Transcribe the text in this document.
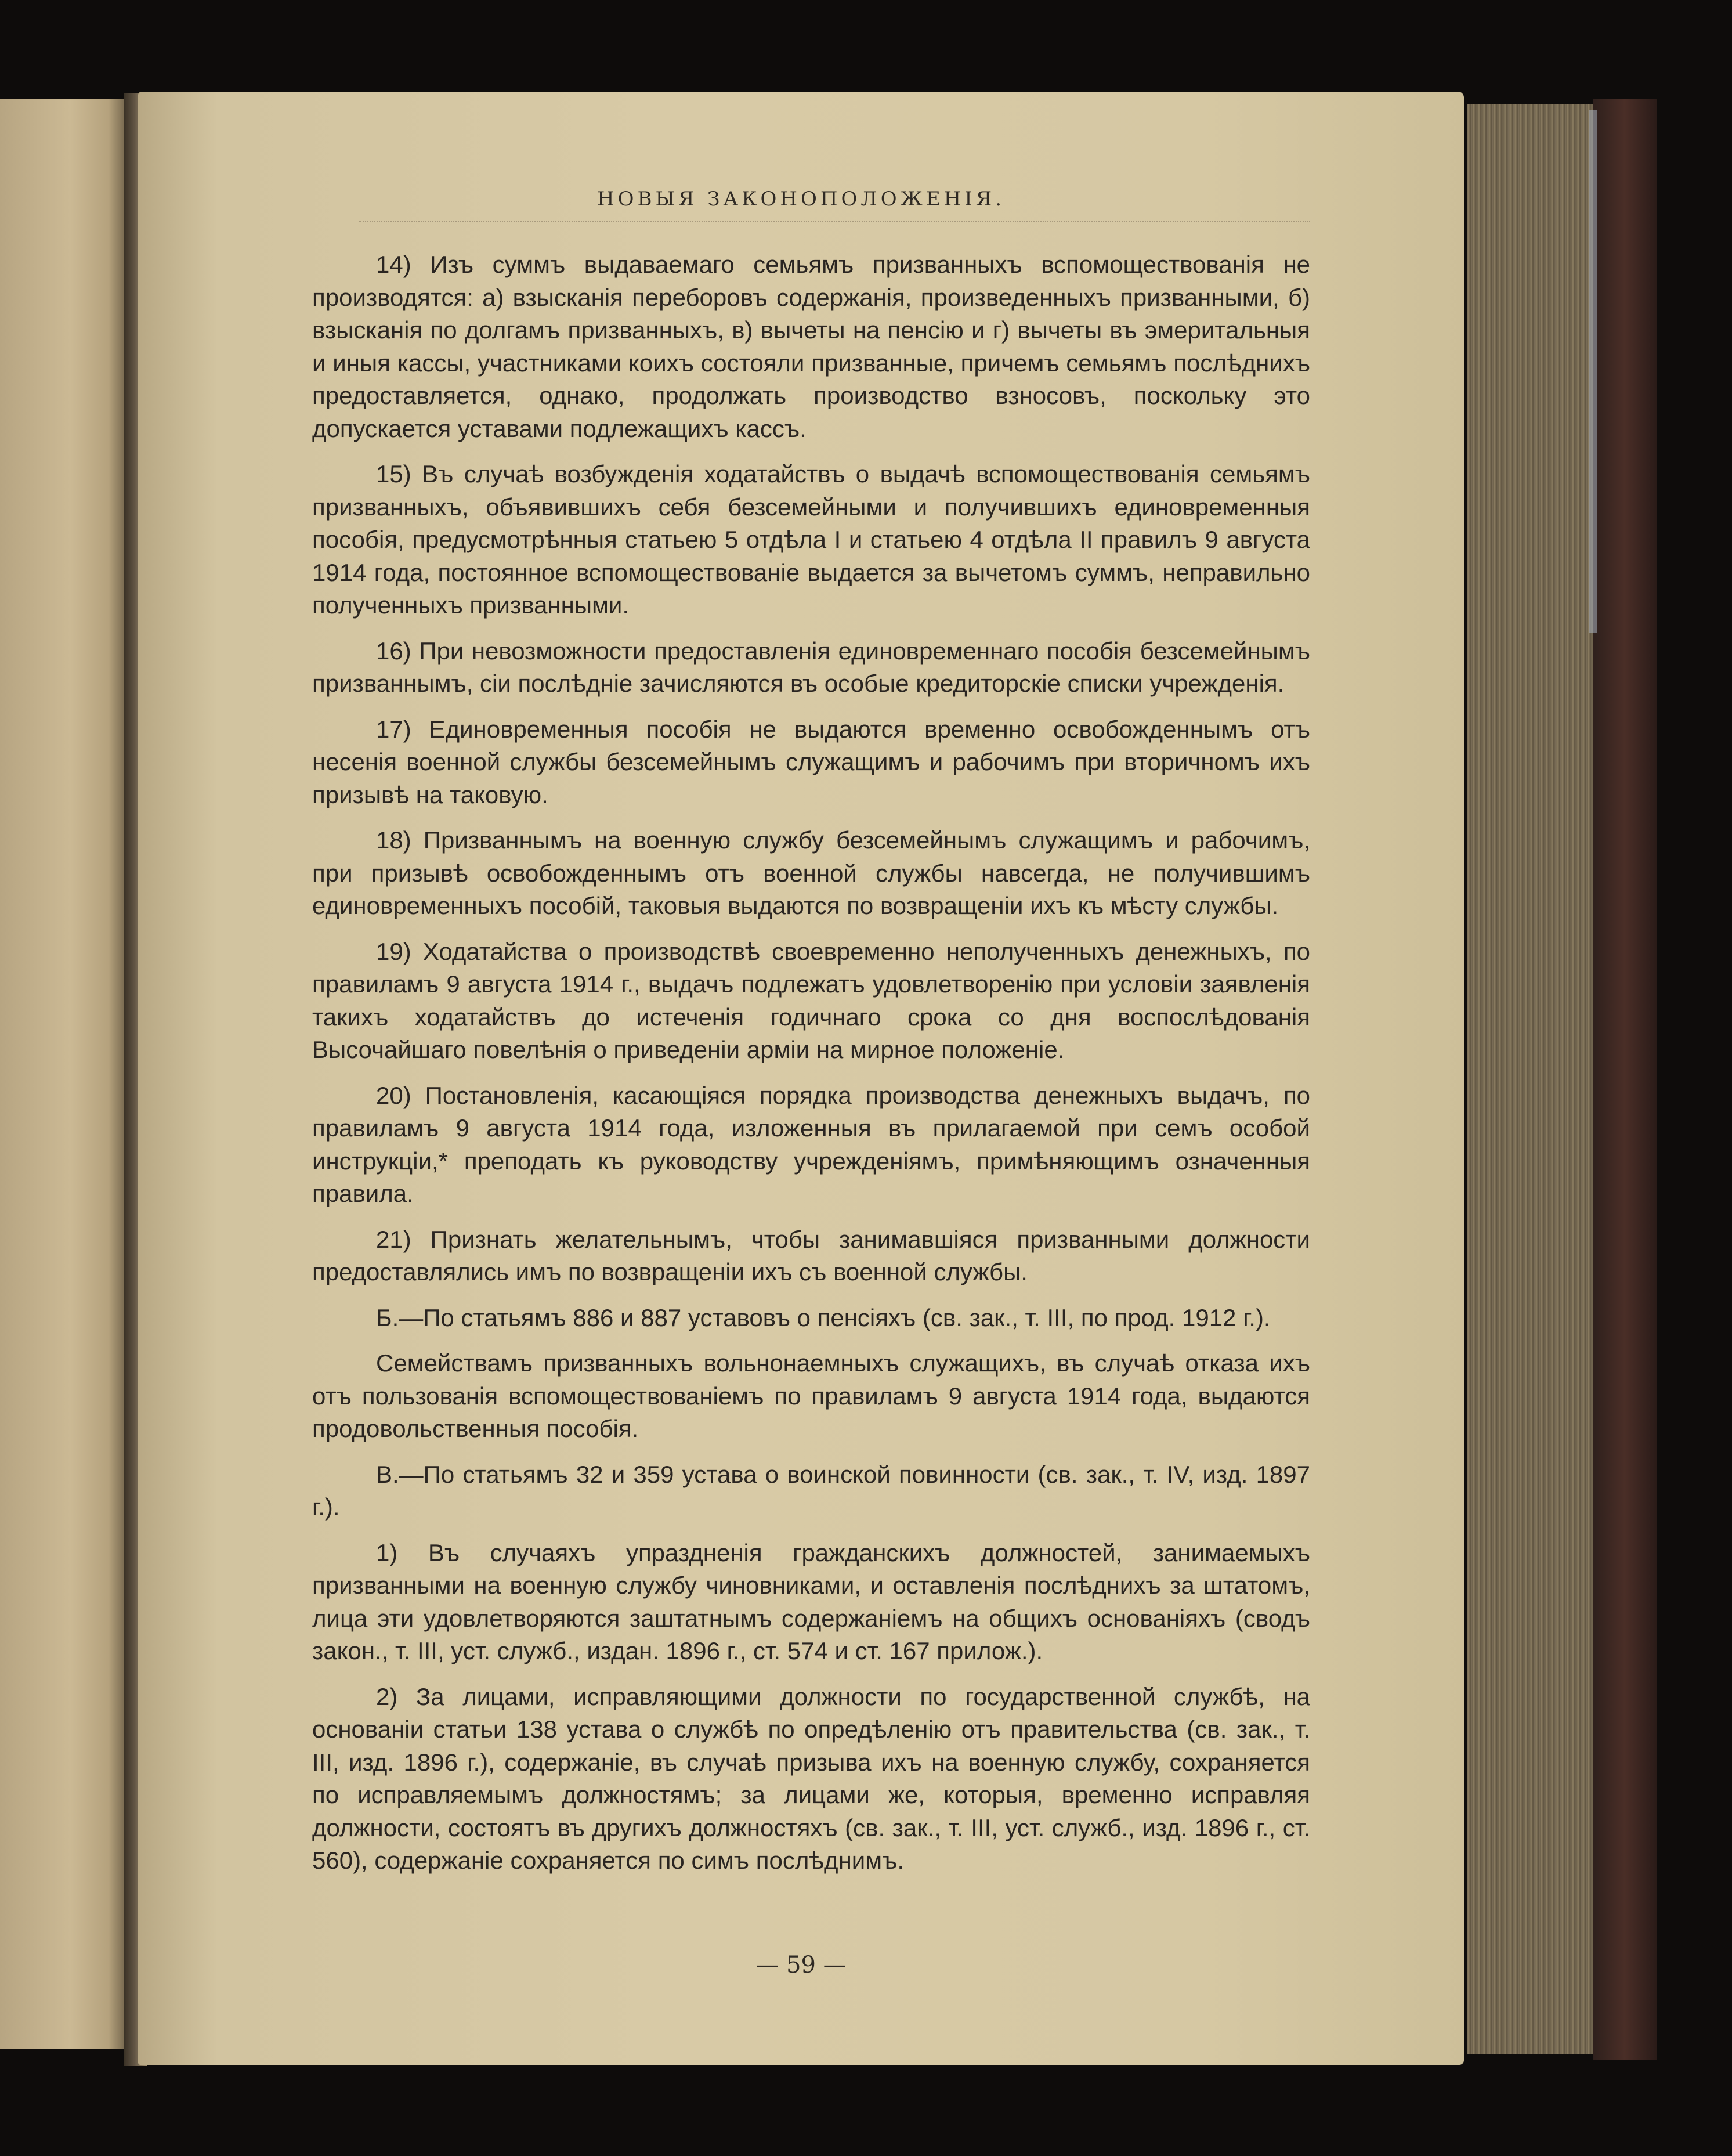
НОВЫЯ ЗАКОНОПОЛОЖЕНІЯ.

14) Изъ суммъ выдаваемаго семьямъ призванныхъ вспомоществованія не производятся: а) взысканія переборовъ содержанія, произведенныхъ призванными, б) взысканія по долгамъ призванныхъ, в) вычеты на пенсію и г) вычеты въ эмеритальныя и иныя кассы, участниками коихъ состояли призванные, причемъ семьямъ послѣднихъ предоставляется, однако, продолжать производство взносовъ, поскольку это допускается уставами подлежащихъ кассъ.

15) Въ случаѣ возбужденія ходатайствъ о выдачѣ вспомоществованія семьямъ призванныхъ, объявившихъ себя безсемейными и получившихъ единовременныя пособія, предусмотрѣнныя статьею 5 отдѣла I и статьею 4 отдѣла II правилъ 9 августа 1914 года, постоянное вспомоществованіе выдается за вычетомъ суммъ, неправильно полученныхъ призванными.

16) При невозможности предоставленія единовременнаго пособія безсемейнымъ призваннымъ, сіи послѣдніе зачисляются въ особые кредиторскіе списки учрежденія.

17) Единовременныя пособія не выдаются временно освобожденнымъ отъ несенія военной службы безсемейнымъ служащимъ и рабочимъ при вторичномъ ихъ призывѣ на таковую.

18) Призваннымъ на военную службу безсемейнымъ служащимъ и рабочимъ, при призывѣ освобожденнымъ отъ военной службы навсегда, не получившимъ единовременныхъ пособій, таковыя выдаются по возвращеніи ихъ къ мѣсту службы.

19) Ходатайства о производствѣ своевременно неполученныхъ денежныхъ, по правиламъ 9 августа 1914 г., выдачъ подлежатъ удовлетворенію при условіи заявленія такихъ ходатайствъ до истеченія годичнаго срока со дня воспослѣдованія Высочайшаго повелѣнія о приведеніи арміи на мирное положеніе.

20) Постановленія, касающіяся порядка производства денежныхъ выдачъ, по правиламъ 9 августа 1914 года, изложенныя въ прилагаемой при семъ особой инструкціи,* преподать къ руководству учрежденіямъ, примѣняющимъ означенныя правила.

21) Признать желательнымъ, чтобы занимавшіяся призванными должности предоставлялись имъ по возвращеніи ихъ съ военной службы.

Б.—По статьямъ 886 и 887 уставовъ о пенсіяхъ (св. зак., т. III, по прод. 1912 г.).

Семействамъ призванныхъ вольнонаемныхъ служащихъ, въ случаѣ отказа ихъ отъ пользованія вспомоществованіемъ по правиламъ 9 августа 1914 года, выдаются продовольственныя пособія.

В.—По статьямъ 32 и 359 устава о воинской повинности (св. зак., т. IV, изд. 1897 г.).

1) Въ случаяхъ упраздненія гражданскихъ должностей, занимаемыхъ призванными на военную службу чиновниками, и оставленія послѣднихъ за штатомъ, лица эти удовлетворяются заштатнымъ содержаніемъ на общихъ основаніяхъ (сводъ закон., т. III, уст. служб., издан. 1896 г., ст. 574 и ст. 167 прилож.).

2) За лицами, исправляющими должности по государственной службѣ, на основаніи статьи 138 устава о службѣ по опредѣленію отъ правительства (св. зак., т. III, изд. 1896 г.), содержаніе, въ случаѣ призыва ихъ на военную службу, сохраняется по исправляемымъ должностямъ; за лицами же, которыя, временно исправляя должности, состоятъ въ другихъ должностяхъ (св. зак., т. III, уст. служб., изд. 1896 г., ст. 560), содержаніе сохраняется по симъ послѣднимъ.

— 59 —
